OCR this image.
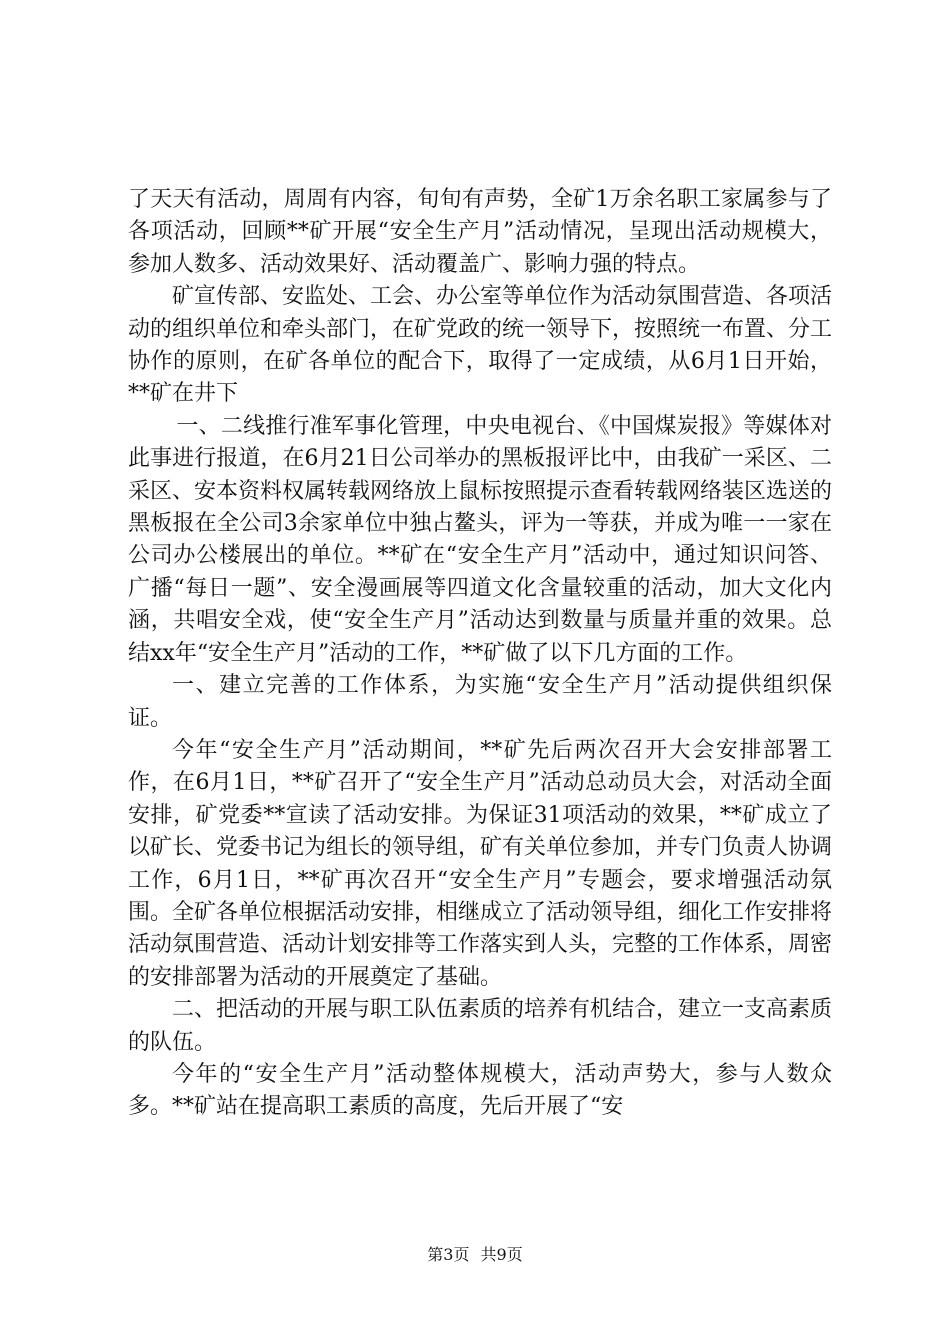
了天天有活动，周周有内容，旬旬有声势，全矿1万余名职工家属参与了各项活动，回顾**矿开展“安全生产月”活动情况，呈现出活动规模大，参加人数多、活动效果好、活动覆盖广、影响力强的特点。

矿宣传部、安监处、工会、办公室等单位作为活动氛围营造、各项活动的组织单位和牵头部门，在矿党政的统一领导下，按照统一布置、分工协作的原则，在矿各单位的配合下，取得了一定成绩，从6月1日开始，**矿在井下

一、二线推行准军事化管理，中央电视台、《中国煤炭报》等媒体对此事进行报道，在6月21日公司举办的黑板报评比中，由我矿一采区、二采区、安本资料权属转载网络放上鼠标按照提示查看转载网络装区选送的黑板报在全公司3余家单位中独占鳌头，评为一等获，并成为唯一一家在公司办公楼展出的单位。**矿在“安全生产月”活动中，通过知识问答、广播“每日一题”、安全漫画展等四道文化含量较重的活动，加大文化内涵，共唱安全戏，使“安全生产月”活动达到数量与质量并重的效果。总结xx年“安全生产月”活动的工作，**矿做了以下几方面的工作。

一、建立完善的工作体系，为实施“安全生产月”活动提供组织保证。

今年“安全生产月”活动期间，**矿先后两次召开大会安排部署工作，在6月1日，**矿召开了“安全生产月”活动总动员大会，对活动全面安排，矿党委**宣读了活动安排。为保证31项活动的效果，**矿成立了以矿长、党委书记为组长的领导组，矿有关单位参加，并专门负责人协调工作，6月1日，**矿再次召开“安全生产月”专题会，要求增强活动氛围。全矿各单位根据活动安排，相继成立了活动领导组，细化工作安排将活动氛围营造、活动计划安排等工作落实到人头，完整的工作体系，周密的安排部署为活动的开展奠定了基础。

二、把活动的开展与职工队伍素质的培养有机结合，建立一支高素质的队伍。

今年的“安全生产月”活动整体规模大，活动声势大，参与人数众多。**矿站在提高职工素质的高度，先后开展了“安

第3页 共9页
